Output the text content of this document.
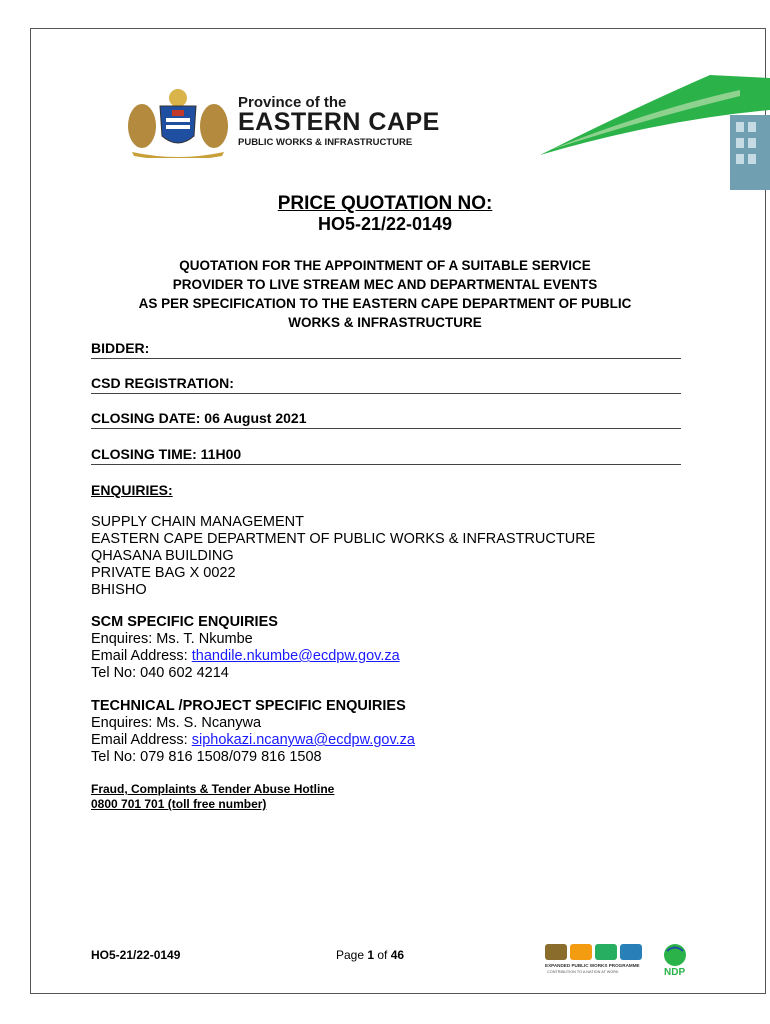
Province of the
EASTERN CAPE
PUBLIC WORKS & INFRASTRUCTURE
PRICE QUOTATION NO:
HO5-21/22-0149
QUOTATION FOR THE APPOINTMENT OF A SUITABLE SERVICE
PROVIDER TO LIVE STREAM MEC AND DEPARTMENTAL EVENTS
AS PER SPECIFICATION TO THE EASTERN CAPE DEPARTMENT OF PUBLIC
WORKS & INFRASTRUCTURE
BIDDER:
CSD REGISTRATION:
CLOSING DATE: 06 August 2021
CLOSING TIME: 11H00
ENQUIRIES:
SUPPLY CHAIN MANAGEMENT
EASTERN CAPE DEPARTMENT OF PUBLIC WORKS & INFRASTRUCTURE
QHASANA BUILDING
PRIVATE BAG X 0022
BHISHO
SCM SPECIFIC ENQUIRIES
Enquires: Ms. T. Nkumbe
Email Address: thandile.nkumbe@ecdpw.gov.za
Tel No: 040 602 4214
TECHNICAL /PROJECT SPECIFIC ENQUIRIES
Enquires: Ms. S. Ncanywa
Email Address: siphokazi.ncanywa@ecdpw.gov.za
Tel No: 079 816 1508/079 816 1508
Fraud, Complaints & Tender Abuse Hotline
0800 701 701 (toll free number)
HO5-21/22-0149	Page 1 of 46
EXPANDED PUBLIC WORKS PROGRAMME
CONTRIBUTION TO A NATION AT WORK	NDP
